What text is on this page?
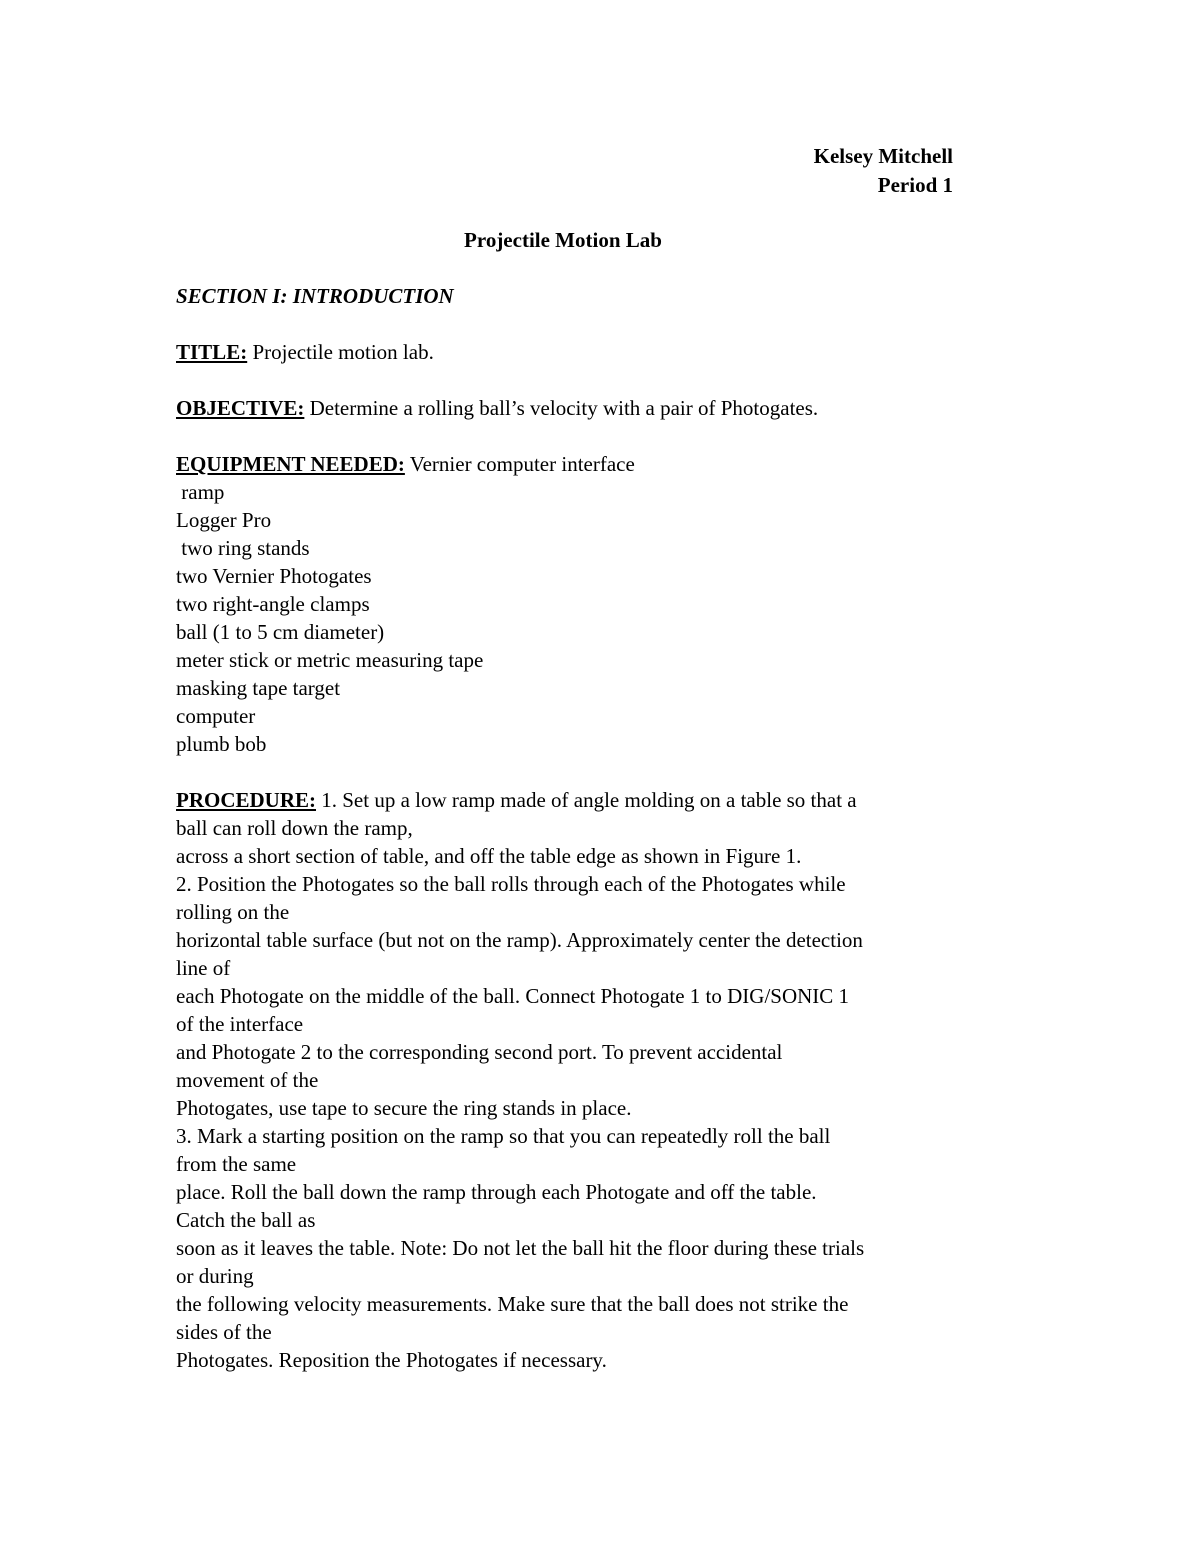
Kelsey Mitchell
Period 1
Projectile Motion Lab

SECTION I: INTRODUCTION

TITLE: Projectile motion lab.

OBJECTIVE: Determine a rolling ball’s velocity with a pair of Photogates.

EQUIPMENT NEEDED: Vernier computer interface
ramp
Logger Pro
two ring stands
two Vernier Photogates
two right-angle clamps
ball (1 to 5 cm diameter)
meter stick or metric measuring tape
masking tape target
computer
plumb bob
PROCEDURE: 1. Set up a low ramp made of angle molding on a table so that a
ball can roll down the ramp,
across a short section of table, and off the table edge as shown in Figure 1.
2. Position the Photogates so the ball rolls through each of the Photogates while
rolling on the
horizontal table surface (but not on the ramp). Approximately center the detection
line of
each Photogate on the middle of the ball. Connect Photogate 1 to DIG/SONIC 1
of the interface
and Photogate 2 to the corresponding second port. To prevent accidental
movement of the
Photogates, use tape to secure the ring stands in place.
3. Mark a starting position on the ramp so that you can repeatedly roll the ball
from the same
place. Roll the ball down the ramp through each Photogate and off the table.
Catch the ball as
soon as it leaves the table. Note: Do not let the ball hit the floor during these trials
or during
the following velocity measurements. Make sure that the ball does not strike the
sides of the
Photogates. Reposition the Photogates if necessary.
